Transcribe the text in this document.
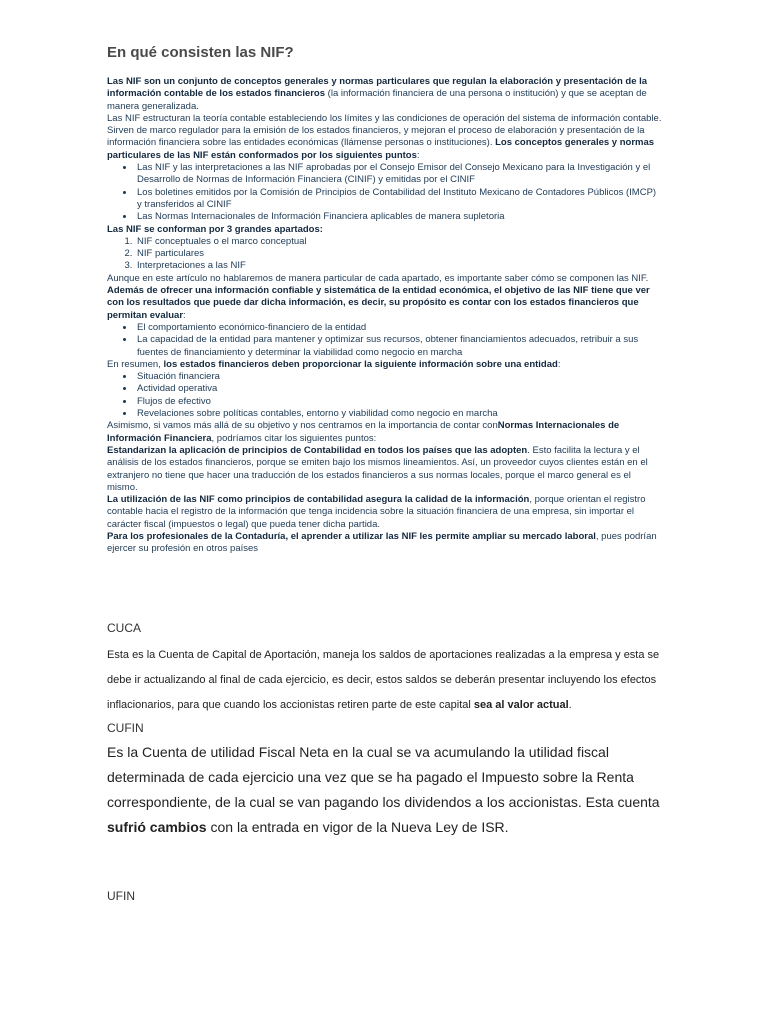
En qué consisten las NIF?

Las NIF son un conjunto de conceptos generales y normas particulares que regulan la elaboración y presentación de la información contable de los estados financieros (la información financiera de una persona o institución) y que se aceptan de manera generalizada.

Las NIF estructuran la teoría contable estableciendo los límites y las condiciones de operación del sistema de información contable. Sirven de marco regulador para la emisión de los estados financieros, y mejoran el proceso de elaboración y presentación de la información financiera sobre las entidades económicas (llámense personas o instituciones). Los conceptos generales y normas particulares de las NIF están conformados por los siguientes puntos:

• Las NIF y las interpretaciones a las NIF aprobadas por el Consejo Emisor del Consejo Mexicano para la Investigación y el Desarrollo de Normas de Información Financiera (CINIF) y emitidas por el CINIF
• Los boletines emitidos por la Comisión de Principios de Contabilidad del Instituto Mexicano de Contadores Públicos (IMCP) y transferidos al CINIF
• Las Normas Internacionales de Información Financiera aplicables de manera supletoria

Las NIF se conforman por 3 grandes apartados:

1. NIF conceptuales o el marco conceptual
2. NIF particulares
3. Interpretaciones a las NIF

Aunque en este artículo no hablaremos de manera particular de cada apartado, es importante saber cómo se componen las NIF.

Además de ofrecer una información confiable y sistemática de la entidad económica, el objetivo de las NIF tiene que ver con los resultados que puede dar dicha información, es decir, su propósito es contar con los estados financieros que permitan evaluar:

• El comportamiento económico-financiero de la entidad
• La capacidad de la entidad para mantener y optimizar sus recursos, obtener financiamientos adecuados, retribuir a sus fuentes de financiamiento y determinar la viabilidad como negocio en marcha

En resumen, los estados financieros deben proporcionar la siguiente información sobre una entidad:

• Situación financiera
• Actividad operativa
• Flujos de efectivo
• Revelaciones sobre políticas contables, entorno y viabilidad como negocio en marcha

Asimismo, si vamos más allá de su objetivo y nos centramos en la importancia de contar conNormas Internacionales de Información Financiera, podríamos citar los siguientes puntos:

Estandarizan la aplicación de principios de Contabilidad en todos los países que las adopten. Esto facilita la lectura y el análisis de los estados financieros, porque se emiten bajo los mismos lineamientos. Así, un proveedor cuyos clientes están en el extranjero no tiene que hacer una traducción de los estados financieros a sus normas locales, porque el marco general es el mismo.

La utilización de las NIF como principios de contabilidad asegura la calidad de la información, porque orientan el registro contable hacia el registro de la información que tenga incidencia sobre la situación financiera de una empresa, sin importar el carácter fiscal (impuestos o legal) que pueda tener dicha partida.

Para los profesionales de la Contaduría, el aprender a utilizar las NIF les permite ampliar su mercado laboral, pues podrían ejercer su profesión en otros países

CUCA

Esta es la Cuenta de Capital de Aportación, maneja los saldos de aportaciones realizadas a la empresa y esta se debe ir actualizando al final de cada ejercicio, es decir, estos saldos se deberán presentar incluyendo los efectos inflacionarios, para que cuando los accionistas retiren parte de este capital sea al valor actual.

CUFIN

Es la Cuenta de utilidad Fiscal Neta en la cual se va acumulando la utilidad fiscal determinada de cada ejercicio una vez que se ha pagado el Impuesto sobre la Renta correspondiente, de la cual se van pagando los dividendos a los accionistas. Esta cuenta sufrió cambios con la entrada en vigor de la Nueva Ley de ISR.

UFIN
